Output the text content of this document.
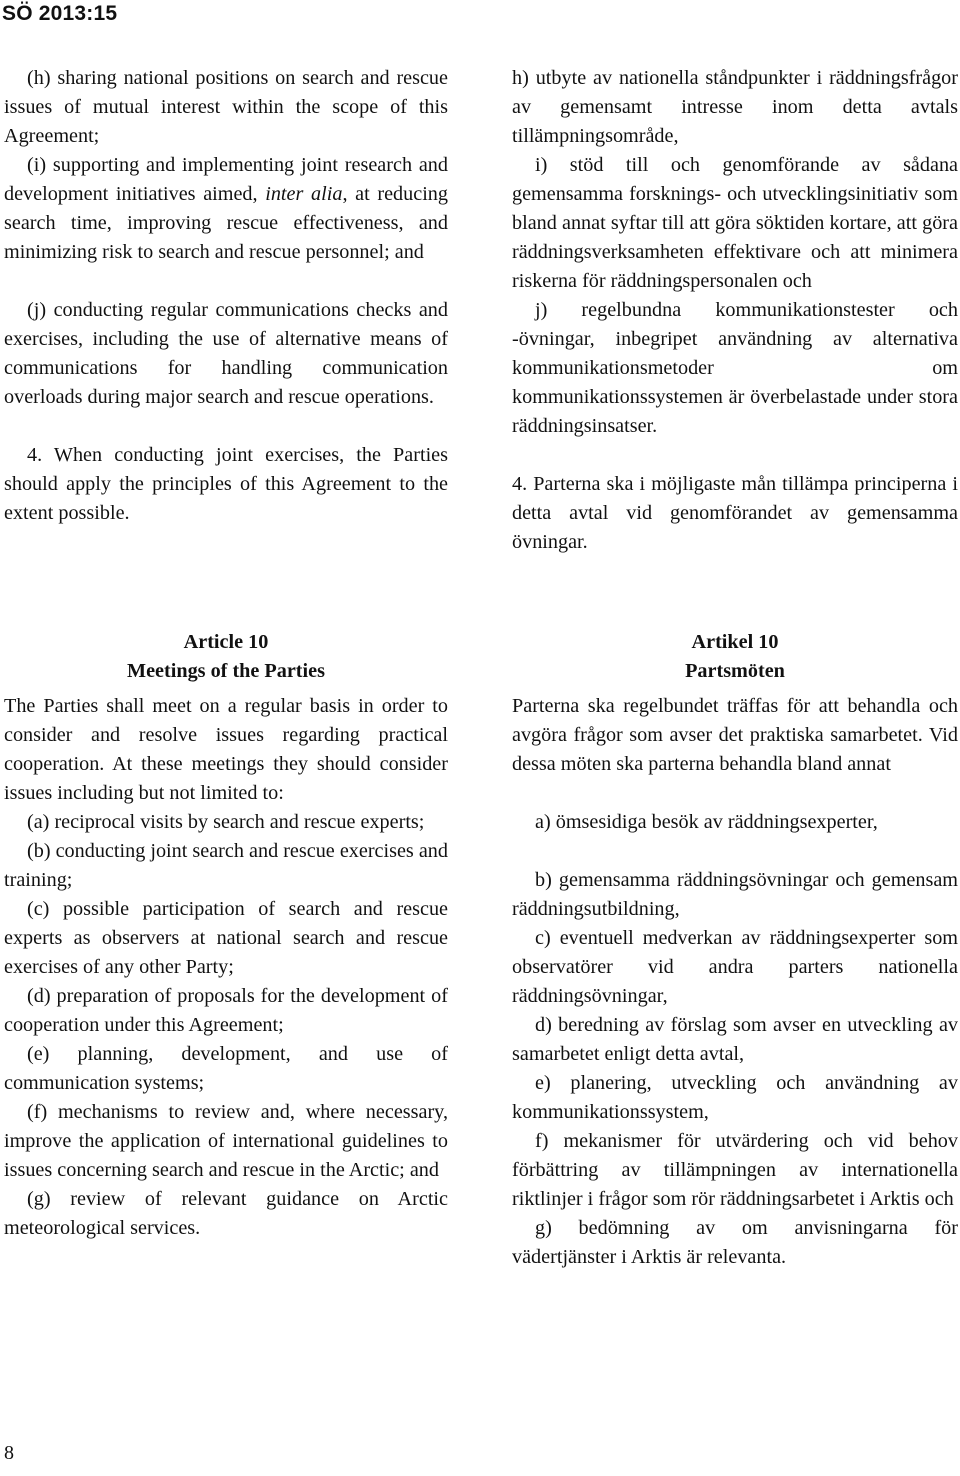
SÖ 2013:15

(h) sharing national positions on search and rescue issues of mutual interest within the scope of this Agreement;

(i) supporting and implementing joint research and development initiatives aimed, inter alia, at reducing search time, improving rescue effectiveness, and minimizing risk to search and rescue personnel; and

(j) conducting regular communications checks and exercises, including the use of alternative means of communications for handling communication overloads during major search and rescue operations.

4. When conducting joint exercises, the Parties should apply the principles of this Agreement to the extent possible.

Article 10

Meetings of the Parties

The Parties shall meet on a regular basis in order to consider and resolve issues regarding practical cooperation. At these meetings they should consider issues including but not limited to:

(a) reciprocal visits by search and rescue experts;

(b) conducting joint search and rescue exercises and training;

(c) possible participation of search and rescue experts as observers at national search and rescue exercises of any other Party;

(d) preparation of proposals for the development of cooperation under this Agreement;

(e) planning, development, and use of communication systems;

(f) mechanisms to review and, where necessary, improve the application of international guidelines to issues concerning search and rescue in the Arctic; and

(g) review of relevant guidance on Arctic meteorological services.

h) utbyte av nationella ståndpunkter i räddningsfrågor av gemensamt intresse inom detta avtals tillämpningsområde,

i) stöd till och genomförande av sådana gemensamma forsknings- och utvecklingsinitiativ som bland annat syftar till att göra söktiden kortare, att göra räddningsverksamheten effektivare och att minimera riskerna för räddningspersonalen och

j) regelbundna kommunikationstester och -övningar, inbegripet användning av alternativa kommunikationsmetoder om kommunikationssystemen är överbelastade under stora räddningsinsatser.

4. Parterna ska i möjligaste mån tillämpa principerna i detta avtal vid genomförandet av gemensamma övningar.

Artikel 10

Partsmöten

Parterna ska regelbundet träffas för att behandla och avgöra frågor som avser det praktiska samarbetet. Vid dessa möten ska parterna behandla bland annat

a) ömsesidiga besök av räddningsexperter,

b) gemensamma räddningsövningar och gemensam räddningsutbildning,

c) eventuell medverkan av räddningsexperter som observatörer vid andra parters nationella räddningsövningar,

d) beredning av förslag som avser en utveckling av samarbetet enligt detta avtal,

e) planering, utveckling och användning av kommunikationssystem,

f) mekanismer för utvärdering och vid behov förbättring av tillämpningen av internationella riktlinjer i frågor som rör räddningsarbetet i Arktis och

g) bedömning av om anvisningarna för vädertjänster i Arktis är relevanta.

8
